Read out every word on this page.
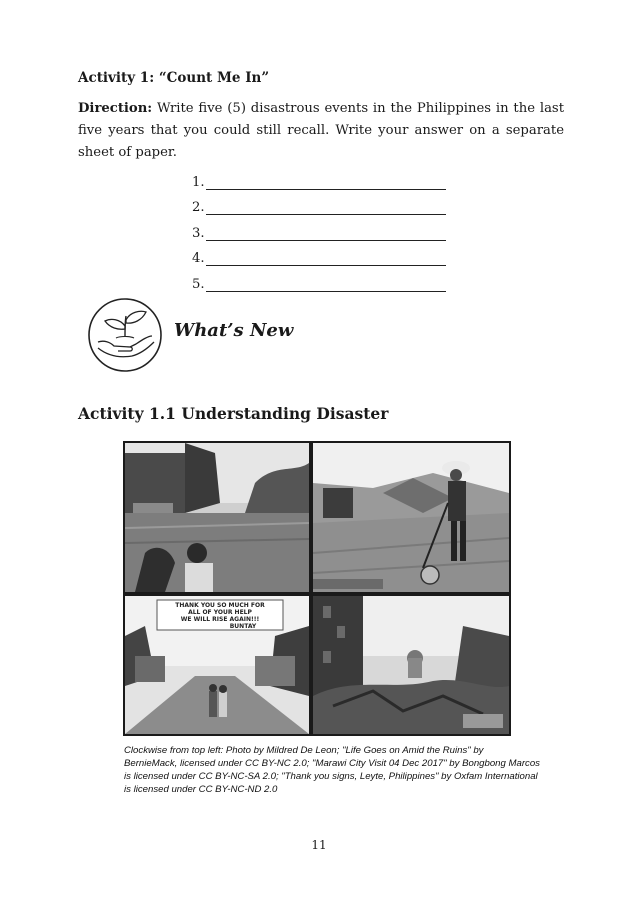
Activity 1: “Count Me In”
Direction: Write five (5) disastrous events in the Philippines in the last five years that you could still recall. Write your answer on a separate sheet of paper.
1.
2.
3.
4.
5.
What’s New
Activity 1.1 Understanding Disaster
THANK YOU SO MUCH FOR
ALL OF YOUR HELP
WE WILL RISE AGAIN!!!
BUNTAY
Clockwise from top left: Photo by Mildred De Leon; "Life Goes on Amid the Ruins" by
BernieMack, licensed under CC BY-NC 2.0; "Marawi City Visit 04 Dec 2017" by Bongbong Marcos
is licensed under CC BY-NC-SA 2.0; "Thank you signs, Leyte, Philippines" by Oxfam International
is licensed under CC BY-NC-ND 2.0
11
